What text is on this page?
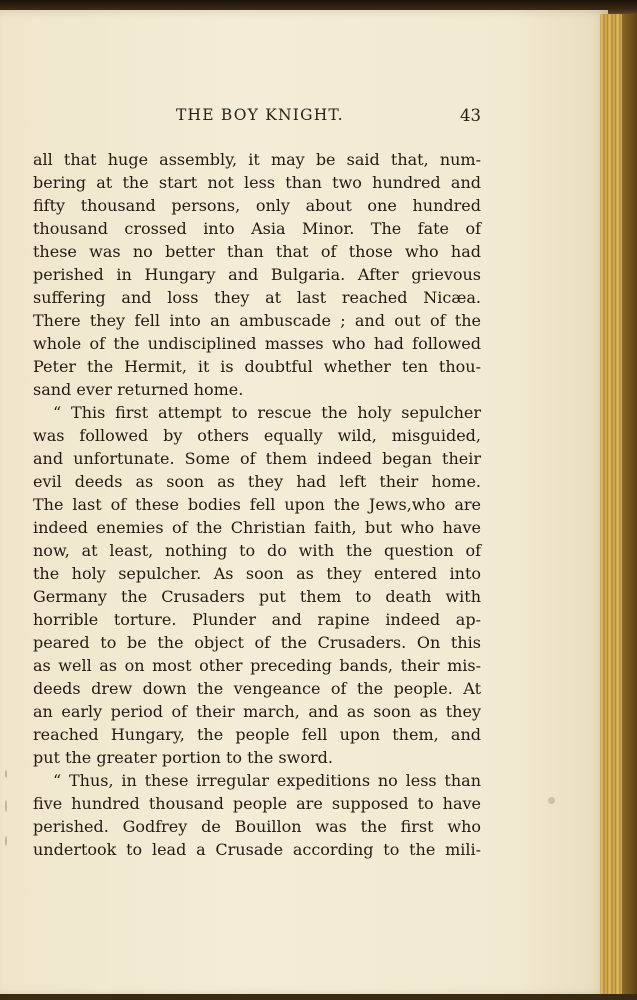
THE BOY KNIGHT.	43
all that huge assembly, it may be said that, num-
bering at the start not less than two hundred and
fifty thousand persons, only about one hundred
thousand crossed into Asia Minor. The fate of
these was no better than that of those who had
perished in Hungary and Bulgaria. After grievous
suffering and loss they at last reached Nicæa.
There they fell into an ambuscade ; and out of the
whole of the undisciplined masses who had followed
Peter the Hermit, it is doubtful whether ten thou-
sand ever returned home.
“ This first attempt to rescue the holy sepulcher
was followed by others equally wild, misguided,
and unfortunate. Some of them indeed began their
evil deeds as soon as they had left their home.
The last of these bodies fell upon the Jews,who are
indeed enemies of the Christian faith, but who have
now, at least, nothing to do with the question of
the holy sepulcher. As soon as they entered into
Germany the Crusaders put them to death with
horrible torture. Plunder and rapine indeed ap-
peared to be the object of the Crusaders. On this
as well as on most other preceding bands, their mis-
deeds drew down the vengeance of the people. At
an early period of their march, and as soon as they
reached Hungary, the people fell upon them, and
put the greater portion to the sword.
“ Thus, in these irregular expeditions no less than
five hundred thousand people are supposed to have
perished. Godfrey de Bouillon was the first who
undertook to lead a Crusade according to the mili-
